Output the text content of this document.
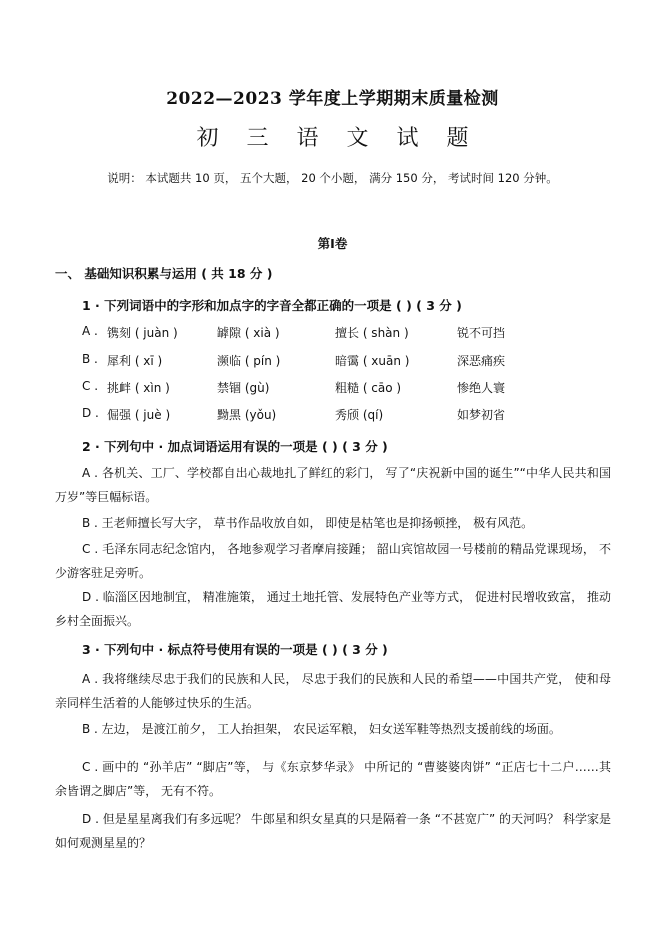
2022—2023 学年度上学期期末质量检测
初三语文试题
说明： 本试题共 10 页， 五个大题， 20 个小题， 满分 150 分， 考试时间 120 分钟。
第Ⅰ卷
一、 基础知识积累与运用 ( 共 18 分 )
1 · 下列词语中的字形和加点字的字音全都正确的一项是 ( ) ( 3 分 )
A . 镌刻 ( juàn )	罅隙 ( xià )	擅长 ( shàn )	锐不可挡
B . 犀利 ( xī )	濒临 ( pín )	暗霭 ( xuān )	深恶痛疾
C . 挑衅 ( xìn )	禁锢 (gù)	粗糙 ( cāo )	惨绝人寰
D . 倔强 ( juè )	黝黑 (yǒu)	秀颀 (qí)	如梦初省
2 · 下列句中 · 加点词语运用有误的一项是 ( ) ( 3 分 )
A . 各机关、工厂、学校都自出心裁地扎了鲜红的彩门， 写了“庆祝新中国的诞生”“中华人民共和国万岁”等巨幅标语。
B . 王老师擅长写大字， 草书作品收放自如， 即使是枯笔也是抑扬顿挫， 极有风范。
C . 毛泽东同志纪念馆内， 各地参观学习者摩肩接踵； 韶山宾馆故园一号楼前的精品党课现场， 不少游客驻足旁听。
D . 临淄区因地制宜， 精准施策， 通过土地托管、发展特色产业等方式， 促进村民增收致富， 推动乡村全面振兴。
3 · 下列句中 · 标点符号使用有误的一项是 ( ) ( 3 分 )
A . 我将继续尽忠于我们的民族和人民， 尽忠于我们的民族和人民的希望——中国共产党， 使和母亲同样生活着的人能够过快乐的生活。
B . 左边， 是渡江前夕， 工人抬担架， 农民运军粮， 妇女送军鞋等热烈支援前线的场面。
C . 画中的 “孙羊店” “脚店”等， 与《东京梦华录》 中所记的 “曹婆婆肉饼” “正店七十二户……其余皆谓之脚店”等， 无有不符。
D . 但是星星离我们有多远呢？ 牛郎星和织女星真的只是隔着一条 “不甚宽广” 的天河吗？ 科学家是如何观测星星的？
